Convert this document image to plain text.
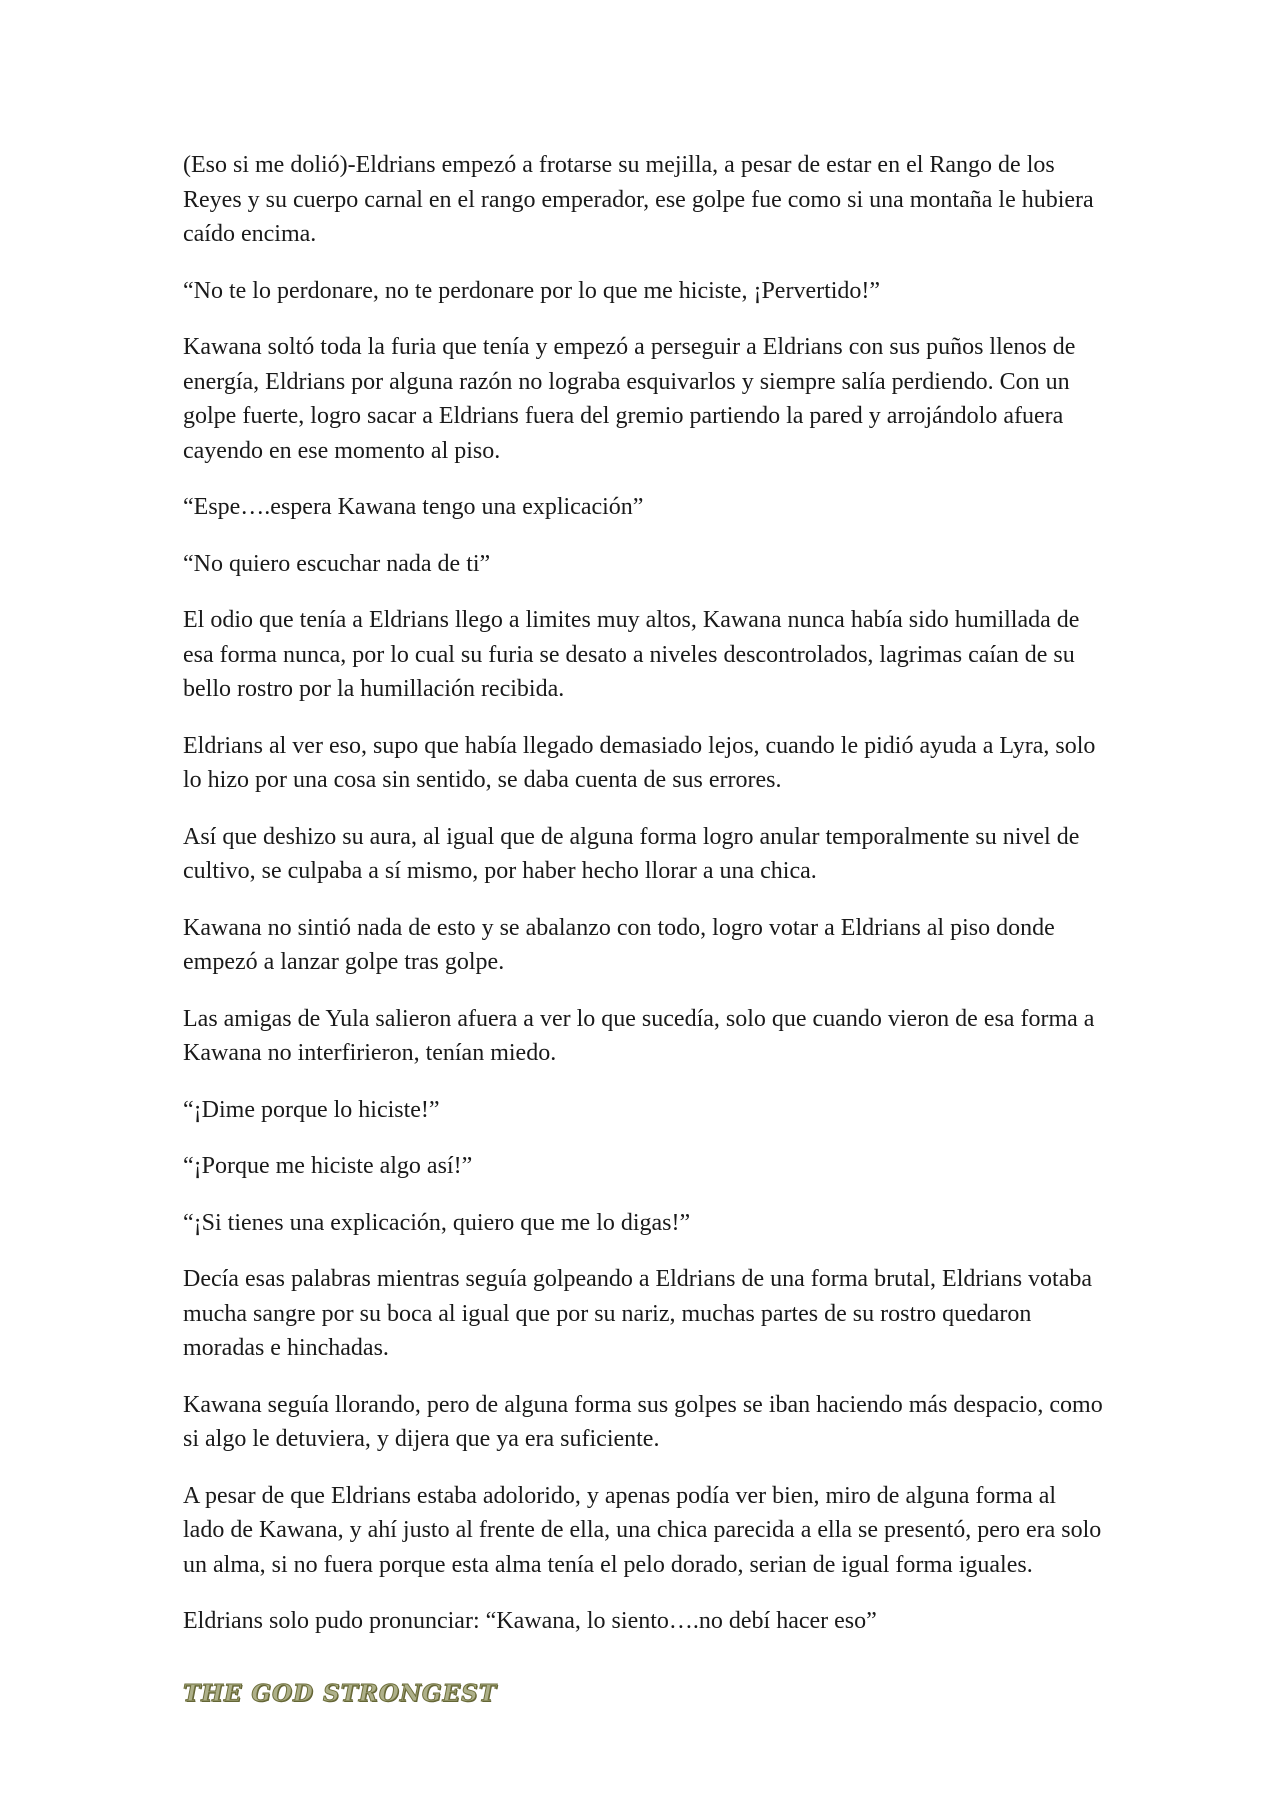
(Eso si me dolió)-Eldrians empezó a frotarse su mejilla, a pesar de estar en el Rango de los Reyes y su cuerpo carnal en el rango emperador, ese golpe fue como si una montaña le hubiera caído encima.

“No te lo perdonare, no te perdonare por lo que me hiciste, ¡Pervertido!”

Kawana soltó toda la furia que tenía y empezó a perseguir a Eldrians con sus puños llenos de energía, Eldrians por alguna razón no lograba esquivarlos y siempre salía perdiendo. Con un golpe fuerte, logro sacar a Eldrians fuera del gremio partiendo la pared y arrojándolo afuera cayendo en ese momento al piso.

“Espe….espera Kawana tengo una explicación”

“No quiero escuchar nada de ti”

El odio que tenía a Eldrians llego a limites muy altos, Kawana nunca había sido humillada de esa forma nunca, por lo cual su furia se desato a niveles descontrolados, lagrimas caían de su bello rostro por la humillación recibida.

Eldrians al ver eso, supo que había llegado demasiado lejos, cuando le pidió ayuda a Lyra, solo lo hizo por una cosa sin sentido, se daba cuenta de sus errores.

Así que deshizo su aura, al igual que de alguna forma logro anular temporalmente su nivel de cultivo, se culpaba a sí mismo, por haber hecho llorar a una chica.

Kawana no sintió nada de esto y se abalanzo con todo, logro votar a Eldrians al piso donde empezó a lanzar golpe tras golpe.

Las amigas de Yula salieron afuera a ver lo que sucedía, solo que cuando vieron de esa forma a Kawana no interfirieron, tenían miedo.

“¡Dime porque lo hiciste!”

“¡Porque me hiciste algo así!”

“¡Si tienes una explicación, quiero que me lo digas!”

Decía esas palabras mientras seguía golpeando a Eldrians de una forma brutal, Eldrians votaba mucha sangre por su boca al igual que por su nariz, muchas partes de su rostro quedaron moradas e hinchadas.

Kawana seguía llorando, pero de alguna forma sus golpes se iban haciendo más despacio, como si algo le detuviera, y dijera que ya era suficiente.

A pesar de que Eldrians estaba adolorido, y apenas podía ver bien, miro de alguna forma al lado de Kawana, y ahí justo al frente de ella, una chica parecida a ella se presentó, pero era solo un alma, si no fuera porque esta alma tenía el pelo dorado, serian de igual forma iguales.

Eldrians solo pudo pronunciar: “Kawana, lo siento….no debí hacer eso”

THE GOD STRONGEST
